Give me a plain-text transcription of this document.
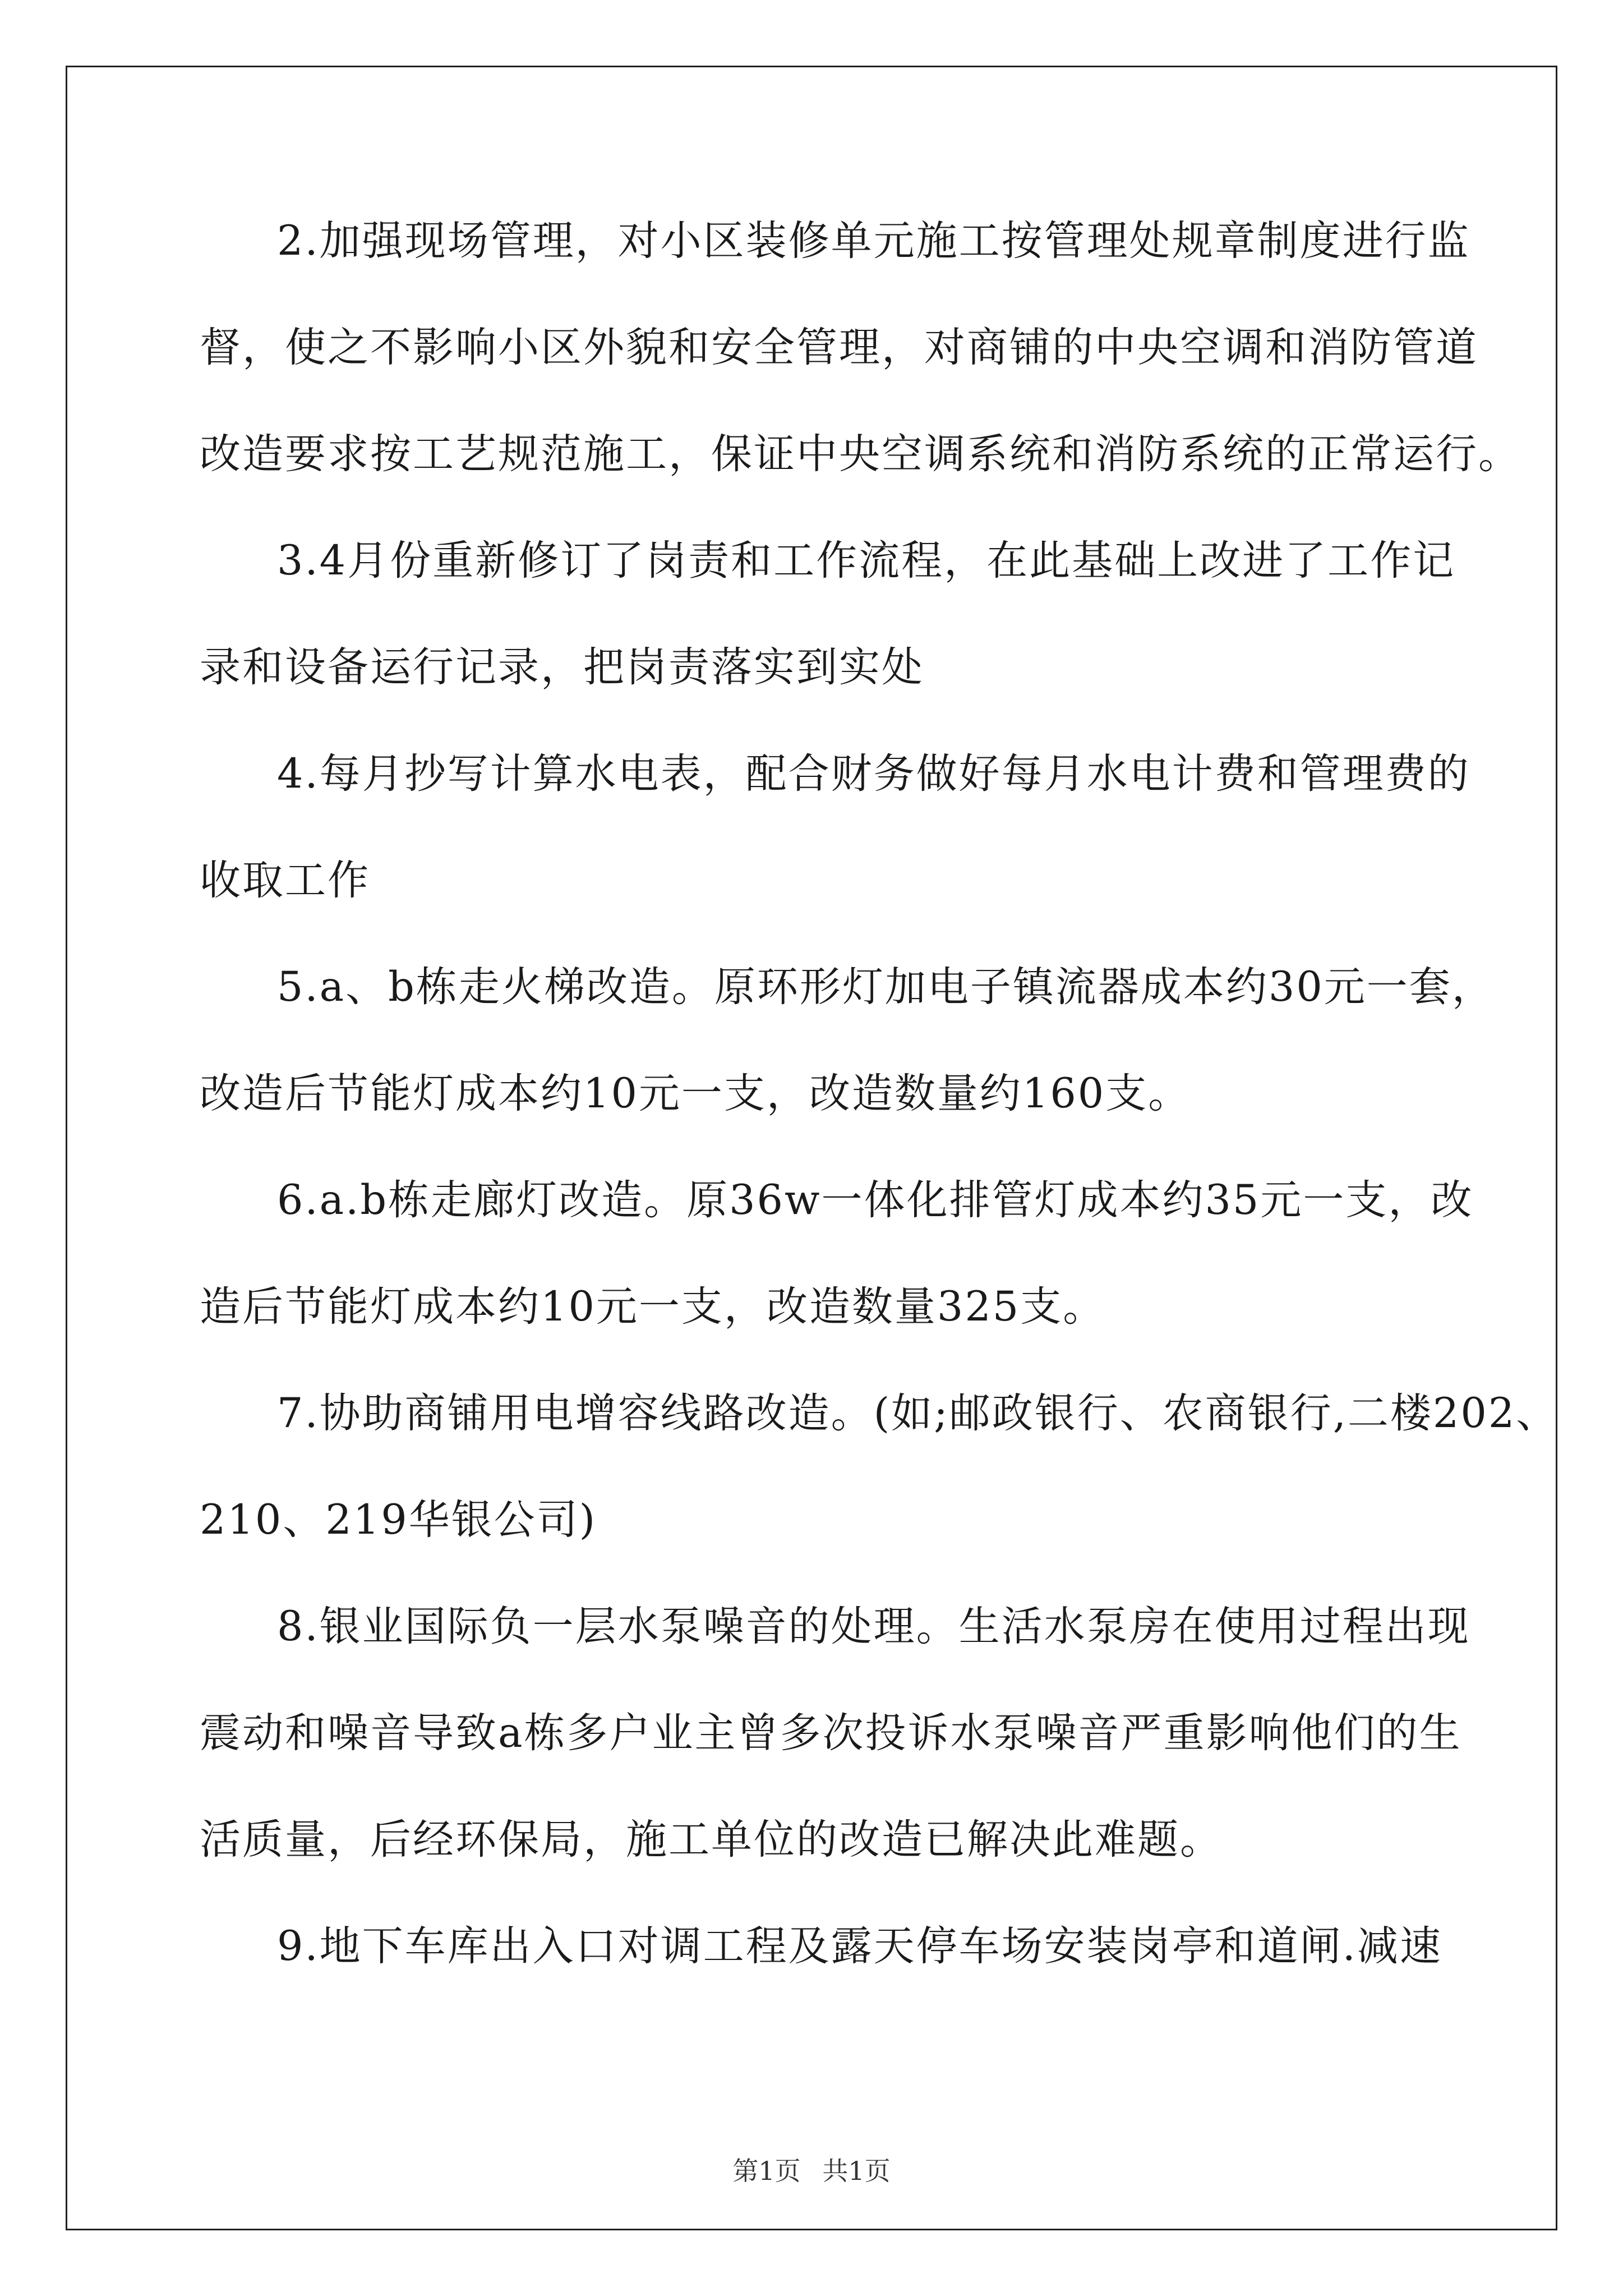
2.加强现场管理，对小区装修单元施工按管理处规章制度进行监
督，使之不影响小区外貌和安全管理，对商铺的中央空调和消防管道
改造要求按工艺规范施工，保证中央空调系统和消防系统的正常运行。
3.4月份重新修订了岗责和工作流程，在此基础上改进了工作记
录和设备运行记录，把岗责落实到实处
4.每月抄写计算水电表，配合财务做好每月水电计费和管理费的
收取工作
5.a、b栋走火梯改造。原环形灯加电子镇流器成本约30元一套，
改造后节能灯成本约10元一支，改造数量约160支。
6.a.b栋走廊灯改造。原36w一体化排管灯成本约35元一支，改
造后节能灯成本约10元一支，改造数量325支。
7.协助商铺用电增容线路改造。(如;邮政银行、农商银行,二楼202、
210、219华银公司)
8.银业国际负一层水泵噪音的处理。生活水泵房在使用过程出现
震动和噪音导致a栋多户业主曾多次投诉水泵噪音严重影响他们的生
活质量，后经环保局，施工单位的改造已解决此难题。
9.地下车库出入口对调工程及露天停车场安装岗亭和道闸.减速
第1页 共1页
